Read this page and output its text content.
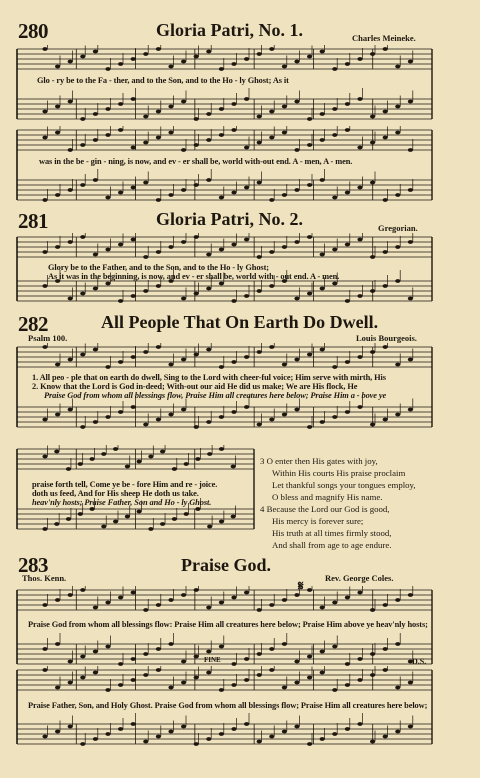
280	Gloria Patri, No. 1.	Charles Meineke.
Glo - ry be to the Fa - ther, and to the Son, and to the Ho - ly Ghost; As it
was in the be - gin - ning, is now, and ev - er shall be, world with-out end. A - men, A - men.
281	Gloria Patri, No. 2.	Gregorian.
Glory be to the Father, and to the Son, and to the Ho - ly Ghost;
As it was in the beginning, is now, and ev - er shall be, world with - out end. A - men.
282	All People That On Earth Do Dwell.
Psalm 100.	Louis Bourgeois.
1. All peo - ple that on earth do dwell, Sing to the Lord with cheer-ful voice; Him serve with mirth, His
2. Know that the Lord is God in-deed; With-out our aid He did us make; We are His flock, He
Praise God from whom all blessings flow, Praise Him all creatures here below; Praise Him a - bove ye
praise forth tell, Come ye be - fore Him and re - joice.
doth us feed, And for His sheep He doth us take.
heav'nly hosts; Praise Father, Son and Ho - ly Ghost.
3 O enter then His gates with joy,
Within His courts His praise proclaim
Let thankful songs your tongues employ,
O bless and magnify His name.
4 Because the Lord our God is good,
His mercy is forever sure;
His truth at all times firmly stood,
And shall from age to age endure.
283	Praise God.
Thos. Kenn.	Rev. George Coles.
𝄋
Praise God from whom all blessings flow: Praise Him all creatures here below; Praise Him above ye heav'nly hosts;
FINE	D.S.
Praise Father, Son, and Holy Ghost. Praise God from whom all blessings flow; Praise Him all creatures here below;
